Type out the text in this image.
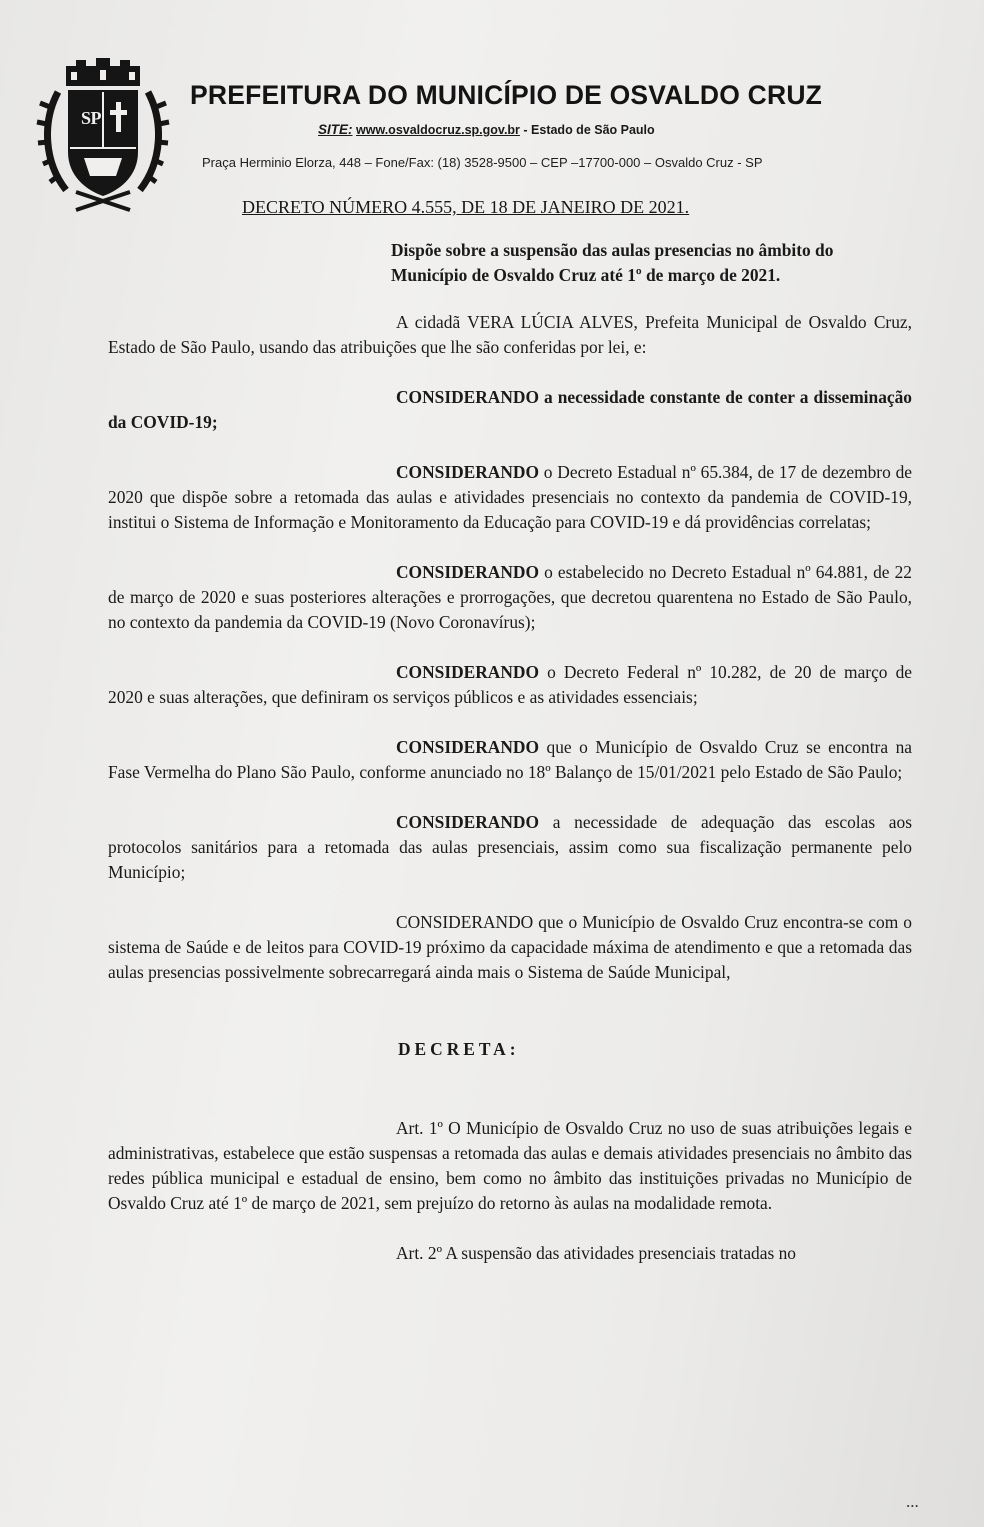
S P
PREFEITURA DO MUNICÍPIO DE OSVALDO CRUZ
SITE: www.osvaldocruz.sp.gov.br - Estado de São Paulo
Praça Herminio Elorza, 448 – Fone/Fax: (18) 3528-9500 – CEP –17700-000 – Osvaldo Cruz - SP
DECRETO NÚMERO 4.555, DE 18 DE JANEIRO DE 2021.

Dispõe sobre a suspensão das aulas presencias no âmbito do Município de Osvaldo Cruz até 1º de março de 2021.

A cidadã VERA LÚCIA ALVES, Prefeita Municipal de Osvaldo Cruz, Estado de São Paulo, usando das atribuições que lhe são conferidas por lei, e:

CONSIDERANDO a necessidade constante de conter a disseminação da COVID-19;

CONSIDERANDO o Decreto Estadual nº 65.384, de 17 de dezembro de 2020 que dispõe sobre a retomada das aulas e atividades presenciais no contexto da pandemia de COVID-19, institui o Sistema de Informação e Monitoramento da Educação para COVID-19 e dá providências correlatas;

CONSIDERANDO o estabelecido no Decreto Estadual nº 64.881, de 22 de março de 2020 e suas posteriores alterações e prorrogações, que decretou quarentena no Estado de São Paulo, no contexto da pandemia da COVID-19 (Novo Coronavírus);

CONSIDERANDO o Decreto Federal nº 10.282, de 20 de março de 2020 e suas alterações, que definiram os serviços públicos e as atividades essenciais;

CONSIDERANDO que o Município de Osvaldo Cruz se encontra na Fase Vermelha do Plano São Paulo, conforme anunciado no 18º Balanço de 15/01/2021 pelo Estado de São Paulo;

CONSIDERANDO a necessidade de adequação das escolas aos protocolos sanitários para a retomada das aulas presenciais, assim como sua fiscalização permanente pelo Município;

CONSIDERANDO que o Município de Osvaldo Cruz encontra-se com o sistema de Saúde e de leitos para COVID-19 próximo da capacidade máxima de atendimento e que a retomada das aulas presencias possivelmente sobrecarregará ainda mais o Sistema de Saúde Municipal,

DECRETA:

Art. 1º O Município de Osvaldo Cruz no uso de suas atribuições legais e administrativas, estabelece que estão suspensas a retomada das aulas e demais atividades presenciais no âmbito das redes pública municipal e estadual de ensino, bem como no âmbito das instituições privadas no Município de Osvaldo Cruz até 1º de março de 2021, sem prejuízo do retorno às aulas na modalidade remota.

Art. 2º A suspensão das atividades presenciais tratadas no

...
